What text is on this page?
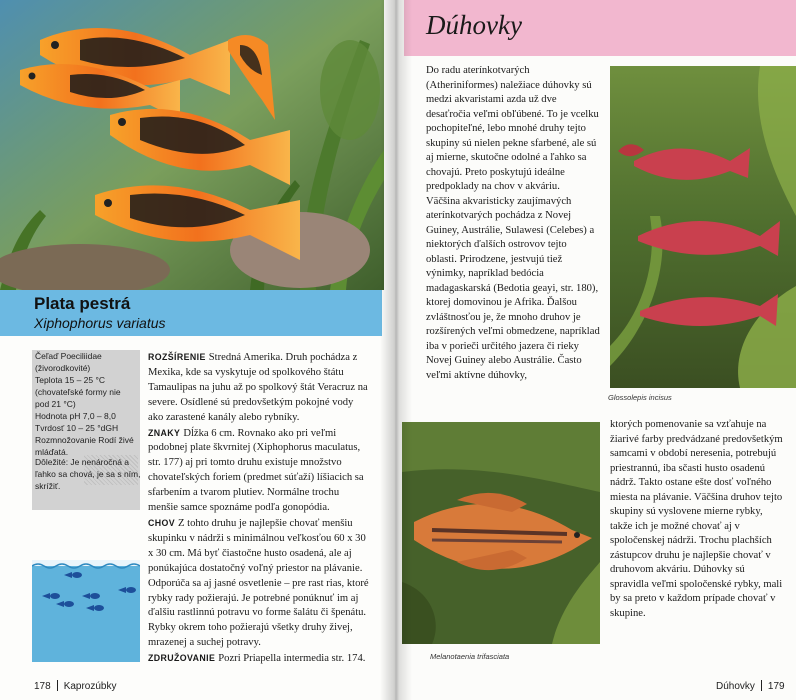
Plata pestrá
Xiphophorus variatus

Čeľaď Poeciliidae (živorodkovité)

Teplota 15 – 25 °C (chovateľské formy nie pod 21 °C)

Hodnota pH 7,0 – 8,0

Tvrdosť 10 – 25 °dGH

Rozmnožovanie Rodí živé mláďatá.

Dôležité: Je nenáročná a ľahko sa chová, je sa s ním, skrížiť.

ROZŠÍRENIE Stredná Amerika. Druh pochádza z Mexika, kde sa vyskytuje od spolkového štátu Tamaulipas na juhu až po spolkový štát Veracruz na severe. Osídlené sú predovšetkým pokojné vody ako zarastené kanály alebo rybníky.

ZNAKY Dĺžka 6 cm. Rovnako ako pri veľmi podobnej plate škvrnitej (Xiphophorus maculatus, str. 177) aj pri tomto druhu existuje množstvo chovateľských foriem (predmet súťaží) líšiacich sa sfarbením a tvarom plutiev. Normálne trochu menšie samce spoznáme podľa gonopódia.

CHOV Z tohto druhu je najlepšie chovať menšiu skupinku v nádrži s minimálnou veľkosťou 60 x 30 x 30 cm. Má byť čiastočne husto osadená, ale aj ponúkajúca dostatočný voľný priestor na plávanie. Odporúča sa aj jasné osvetlenie – pre rast rias, ktoré rybky rady požierajú. Je potrebné ponúknuť im aj ďalšiu rastlinnú potravu vo forme šalátu či špenátu. Rybky okrem toho požierajú všetky druhy živej, mrazenej a suchej potravy.

ZDRUŽOVANIE Pozri Priapella intermedia str. 174.

178 Kaprozúbky
Dúhovky

Do radu aterínkotvarých (Atheriniformes) naležiace dúhovky sú medzi akvaristami azda už dve desaťročia veľmi obľúbené. To je vcelku pochopiteľné, lebo mnohé druhy tejto skupiny sú nielen pekne sfarbené, ale sú aj mierne, skutočne odolné a ľahko sa chovajú. Preto poskytujú ideálne predpoklady na chov v akváriu.

Väčšina akvaristicky zaujímavých aterínkotvarých pochádza z Novej Guiney, Austrálie, Sulawesi (Celebes) a niektorých ďalších ostrovov tejto oblasti. Prirodzene, jestvujú tiež výnimky, napríklad bedócia madagaskarská (Bedotia geayi, str. 180), ktorej domovinou je Afrika. Ďalšou zvláštnosťou je, že mnoho druhov je rozšírených veľmi obmedzene, napríklad iba v porieči určitého jazera či rieky Novej Guiney alebo Austrálie. Často veľmi aktívne dúhovky,

Glossolepis incisus
Melanotaenia trifasciata

ktorých pomenovanie sa vzťahuje na žiarivé farby predvádzané predovšetkým samcami v období neresenia, potrebujú priestrannú, iba sčasti husto osadenú nádrž. Takto ostane ešte dosť voľného miesta na plávanie. Väčšina druhov tejto skupiny sú vyslovene mierne rybky, takže ich je možné chovať aj v spoločenskej nádrži. Trochu plachších zástupcov druhu je najlepšie chovať v druhovom akváriu. Dúhovky sú spravidla veľmi spoločenské rybky, mali by sa preto v každom prípade chovať v skupine.

Dúhovky 179
